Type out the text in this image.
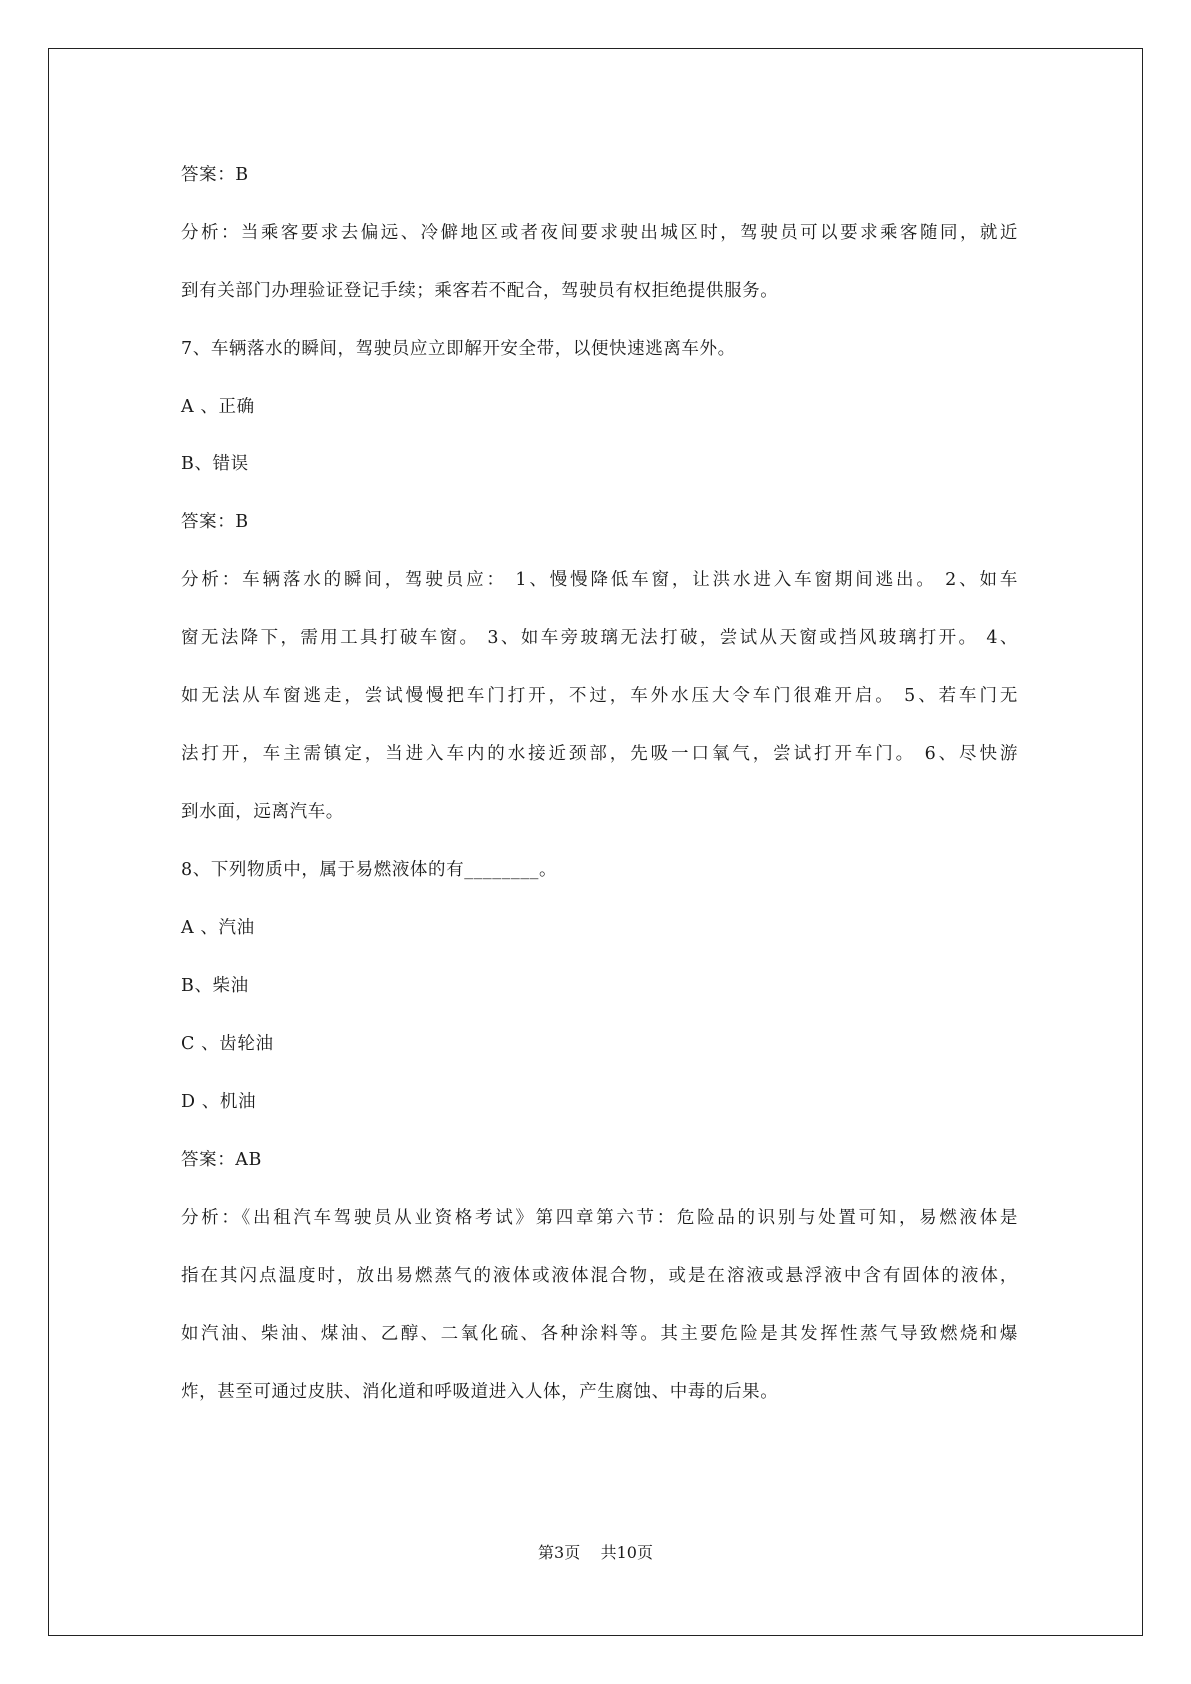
答案：B
分析：当乘客要求去偏远、冷僻地区或者夜间要求驶出城区时，驾驶员可以要求乘客随同，就近
到有关部门办理验证登记手续；乘客若不配合，驾驶员有权拒绝提供服务。
7、车辆落水的瞬间，驾驶员应立即解开安全带，以便快速逃离车外。
A 、正确
B、错误
答案：B
分析：车辆落水的瞬间，驾驶员应： 1、慢慢降低车窗，让洪水进入车窗期间逃出。 2、如车
窗无法降下，需用工具打破车窗。 3、如车旁玻璃无法打破，尝试从天窗或挡风玻璃打开。 4、
如无法从车窗逃走，尝试慢慢把车门打开，不过，车外水压大令车门很难开启。 5、若车门无
法打开，车主需镇定，当进入车内的水接近颈部，先吸一口氧气，尝试打开车门。 6、尽快游
到水面，远离汽车。
8、下列物质中，属于易燃液体的有________。
A 、汽油
B、柴油
C 、齿轮油
D 、机油
答案：AB
分析：《出租汽车驾驶员从业资格考试》第四章第六节：危险品的识别与处置可知，易燃液体是
指在其闪点温度时，放出易燃蒸气的液体或液体混合物，或是在溶液或悬浮液中含有固体的液体，
如汽油、柴油、煤油、乙醇、二氧化硫、各种涂料等。其主要危险是其发挥性蒸气导致燃烧和爆
炸，甚至可通过皮肤、消化道和呼吸道进入人体，产生腐蚀、中毒的后果。
第3页 共10页
